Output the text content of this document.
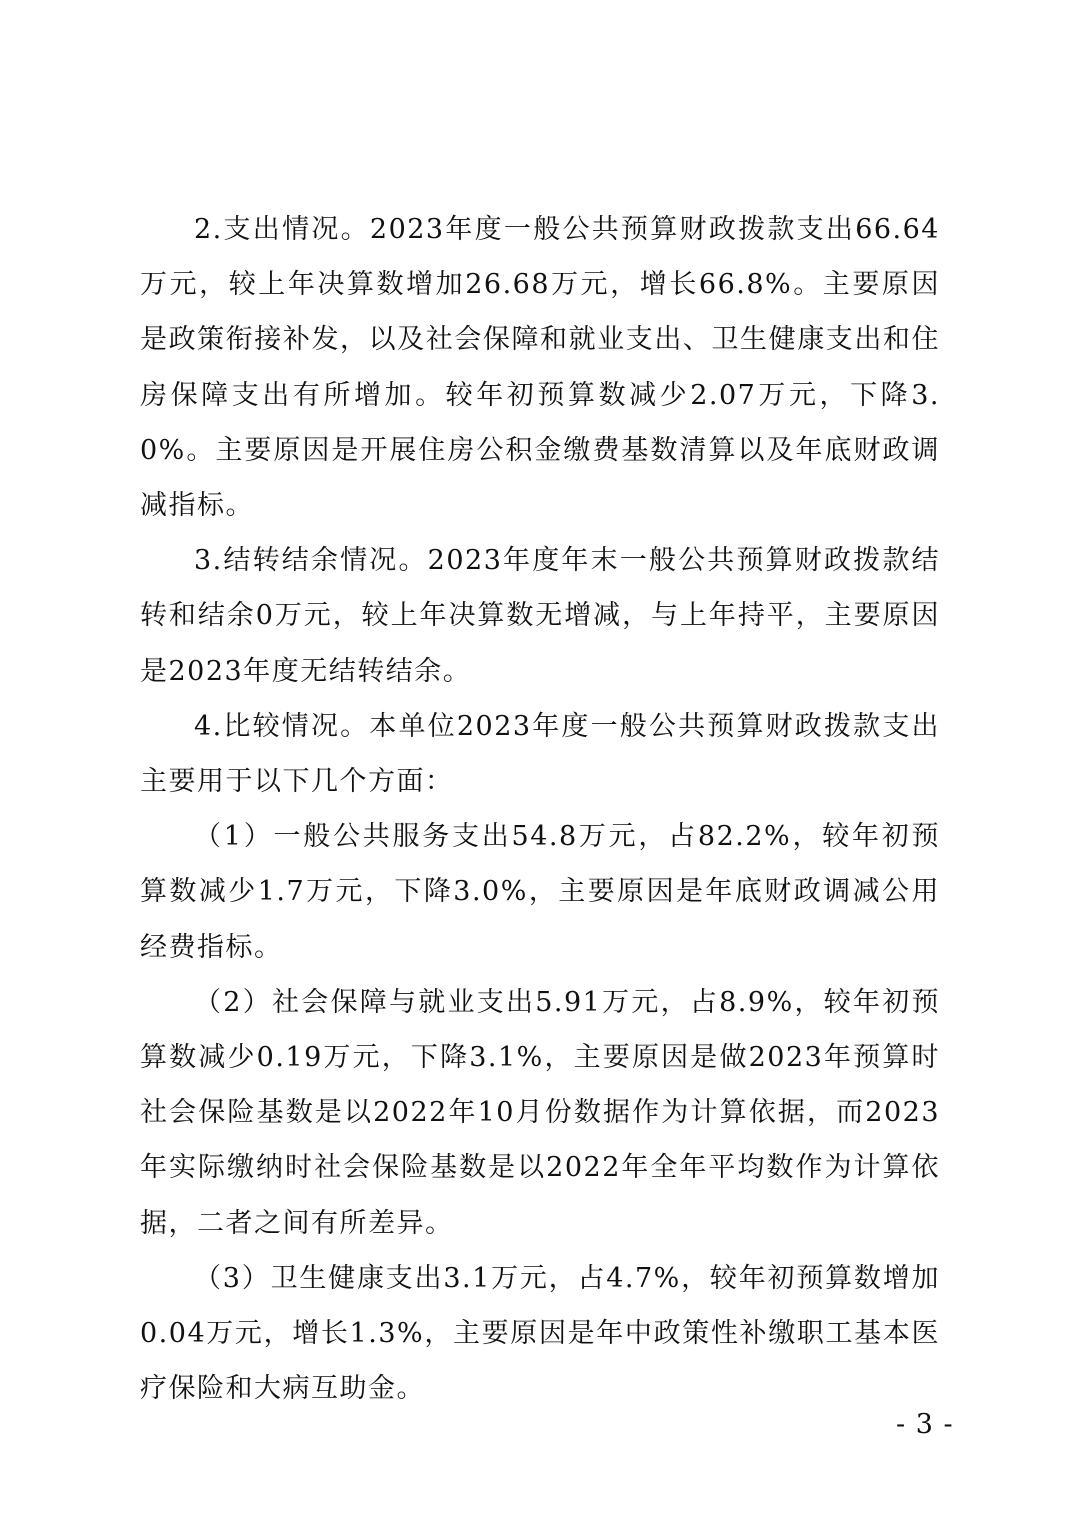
2.支出情况。2023年度一般公共预算财政拨款支出66.64万元，较上年决算数增加26.68万元，增长66.8%。主要原因是政策衔接补发，以及社会保障和就业支出、卫生健康支出和住房保障支出有所增加。较年初预算数减少2.07万元，下降3.0%。主要原因是开展住房公积金缴费基数清算以及年底财政调减指标。

3.结转结余情况。2023年度年末一般公共预算财政拨款结转和结余0万元，较上年决算数无增减，与上年持平，主要原因是2023年度无结转结余。

4.比较情况。本单位2023年度一般公共预算财政拨款支出主要用于以下几个方面：

（1）一般公共服务支出54.8万元，占82.2%，较年初预算数减少1.7万元，下降3.0%，主要原因是年底财政调减公用经费指标。

（2）社会保障与就业支出5.91万元，占8.9%，较年初预算数减少0.19万元，下降3.1%，主要原因是做2023年预算时社会保险基数是以2022年10月份数据作为计算依据，而2023年实际缴纳时社会保险基数是以2022年全年平均数作为计算依据，二者之间有所差异。

（3）卫生健康支出3.1万元，占4.7%，较年初预算数增加0.04万元，增长1.3%，主要原因是年中政策性补缴职工基本医疗保险和大病互助金。

- 3 -
